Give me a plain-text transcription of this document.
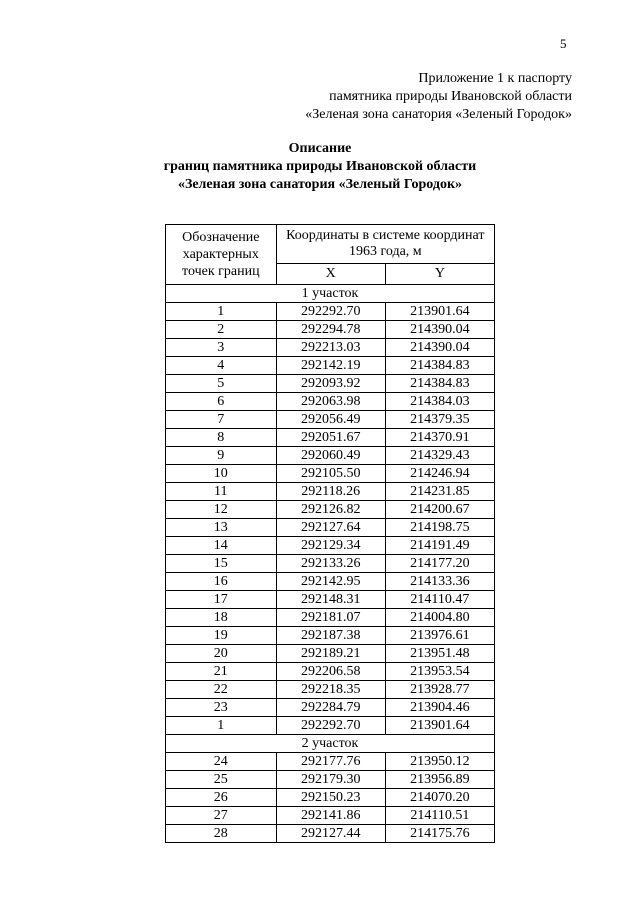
5
Приложение 1 к паспорту
памятника природы Ивановской области
«Зеленая зона санатория «Зеленый Городок»
Описание
границ памятника природы Ивановской области
«Зеленая зона санатория «Зеленый Городок»
Обозначение характерных точек границ	Координаты в системе координат 1963 года, м	
	X	Y
1 участок		
1	292292.70	213901.64
2	292294.78	214390.04
3	292213.03	214390.04
4	292142.19	214384.83
5	292093.92	214384.83
6	292063.98	214384.03
7	292056.49	214379.35
8	292051.67	214370.91
9	292060.49	214329.43
10	292105.50	214246.94
11	292118.26	214231.85
12	292126.82	214200.67
13	292127.64	214198.75
14	292129.34	214191.49
15	292133.26	214177.20
16	292142.95	214133.36
17	292148.31	214110.47
18	292181.07	214004.80
19	292187.38	213976.61
20	292189.21	213951.48
21	292206.58	213953.54
22	292218.35	213928.77
23	292284.79	213904.46
1	292292.70	213901.64
2 участок		
24	292177.76	213950.12
25	292179.30	213956.89
26	292150.23	214070.20
27	292141.86	214110.51
28	292127.44	214175.76
